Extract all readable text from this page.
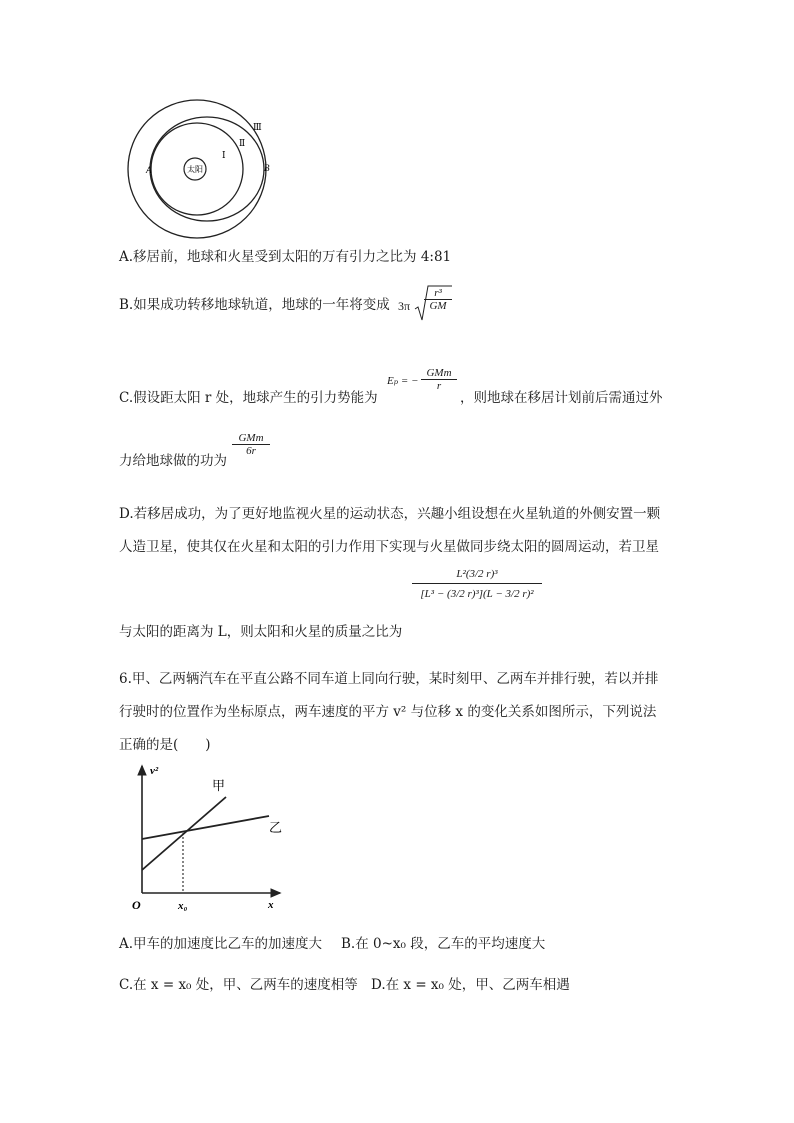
太阳
A	B
Ⅰ
Ⅱ
Ⅲ
A.移居前，地球和火星受到太阳的万有引力之比为 4:81
B.如果成功转移地球轨道，地球的一年将变成 $3\pi \frac{\text{r³}}{GM}$
C.假设距太阳 r 处，地球产生的引力势能为
Eₚ = −
GMm
r
，则地球在移居计划前后需通过外
力给地球做的功为
GMm
6r
D.若移居成功，为了更好地监视火星的运动状态，兴趣小组设想在火星轨道的外侧安置一颗
人造卫星，使其仅在火星和太阳的引力作用下实现与火星做同步绕太阳的圆周运动，若卫星
与太阳的距离为 L，则太阳和火星的质量之比为
$\frac{\text{L²(3/2 r)³}}{\text{[L³ − (3/2 r)³](L − 3/2 r)²}}$
6.甲、乙两辆汽车在平直公路不同车道上同向行驶，某时刻甲、乙两车并排行驶，若以并排
行驶时的位置作为坐标原点，两车速度的平方 v² 与位移 x 的变化关系如图所示，下列说法
正确的是(　　)
v²
x
O	x₀
甲
乙
A.甲车的加速度比乙车的加速度大 B.在 0~x₀ 段，乙车的平均速度大
C.在 x = x₀ 处，甲、乙两车的速度相等 D.在 x = x₀ 处，甲、乙两车相遇
